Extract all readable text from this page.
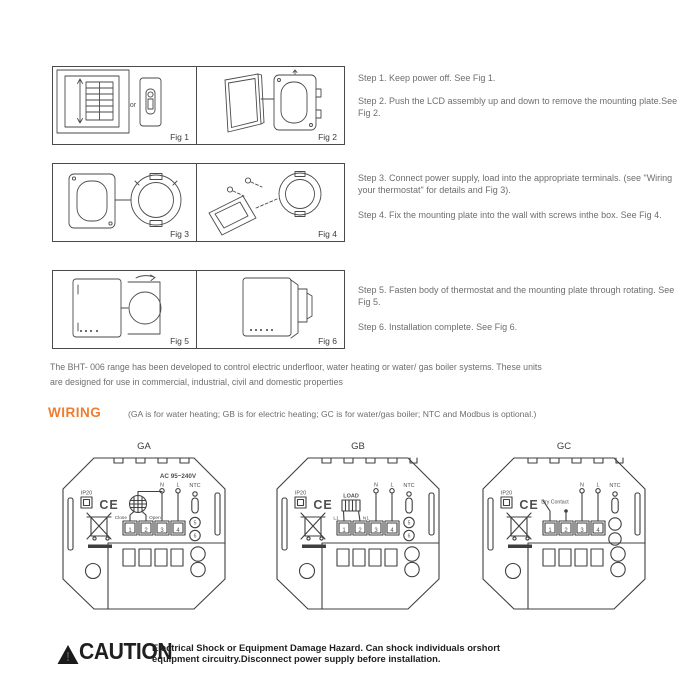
or
Fig 1	Fig 2
Fig 3	Fig 4
Fig 5	Fig 6
Step 1. Keep power off. See Fig 1.
Step 2. Push the LCD assembly up and down to remove the mounting plate.See Fig 2.
Step 3. Connect power supply, load into the appropriate terminals. (see "Wiring your thermostat" for details and Fig 3).
Step 4. Fix the mounting plate into the wall with screws inthe box. See Fig 4.
Step 5. Fasten body of thermostat and the mounting plate through rotating. See Fig 5.
Step 6. Installation complete. See Fig 6.
The BHT- 006 range has been developed to control electric underfloor, water heating or water/ gas boiler systems. These units
are designed for use in commercial, industrial, civil and domestic properties
WIRING	(GA is for water heating; GB is for electric heating; GC is for water/gas boiler; NTC and Modbus is optional.)
GA
IP20
CE
AC 95~240V
N L NTC
Close	Open
1 2 3 4
5
6
GB
IP20
CE
LOAD
L1	N1
N L NTC
1 2 3 4
5
6
GC
IP20
CE Dry Contact
N L NTC
1 2 3 4
! CAUTION
Electrical Shock or Equipment Damage Hazard. Can shock individuals orshort
equipment circuitry.Disconnect power supply before installation.
